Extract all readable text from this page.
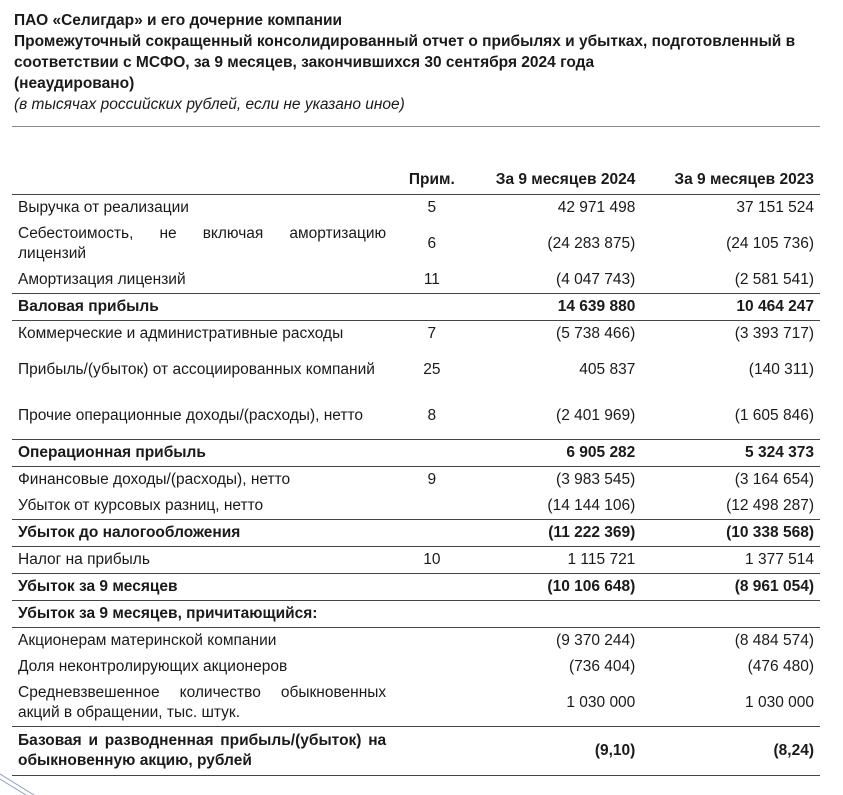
ПАО «Селигдар» и его дочерние компании
Промежуточный сокращенный консолидированный отчет о прибылях и убытках, подготовленный в
соответствии с МСФО, за 9 месяцев, закончившихся 30 сентября 2024 года
(неаудировано)
(в тысячах российских рублей, если не указано иное)
	Прим.	За 9 месяцев 2024	За 9 месяцев 2023
Выручка от реализации	5	42 971 498	37 151 524
Себестоимость, не включая амортизацию лицензий	6	(24 283 875)	(24 105 736)
Амортизация лицензий	11	(4 047 743)	(2 581 541)
Валовая прибыль		14 639 880	10 464 247
Коммерческие и административные расходы	7	(5 738 466)	(3 393 717)
Прибыль/(убыток) от ассоциированных компаний	25	405 837	(140 311)
Прочие операционные доходы/(расходы), нетто	8	(2 401 969)	(1 605 846)
Операционная прибыль		6 905 282	5 324 373
Финансовые доходы/(расходы), нетто	9	(3 983 545)	(3 164 654)
Убыток от курсовых разниц, нетто		(14 144 106)	(12 498 287)
Убыток до налогообложения		(11 222 369)	(10 338 568)
Налог на прибыль	10	1 115 721	1 377 514
Убыток за 9 месяцев		(10 106 648)	(8 961 054)
Убыток за 9 месяцев, причитающийся:			
Акционерам материнской компании		(9 370 244)	(8 484 574)
Доля неконтролирующих акционеров		(736 404)	(476 480)
Средневзвешенное количество обыкновенных акций в обращении, тыс. штук.		1 030 000	1 030 000
Базовая и разводненная прибыль/(убыток) на обыкновенную акцию, рублей		(9,10)	(8,24)
